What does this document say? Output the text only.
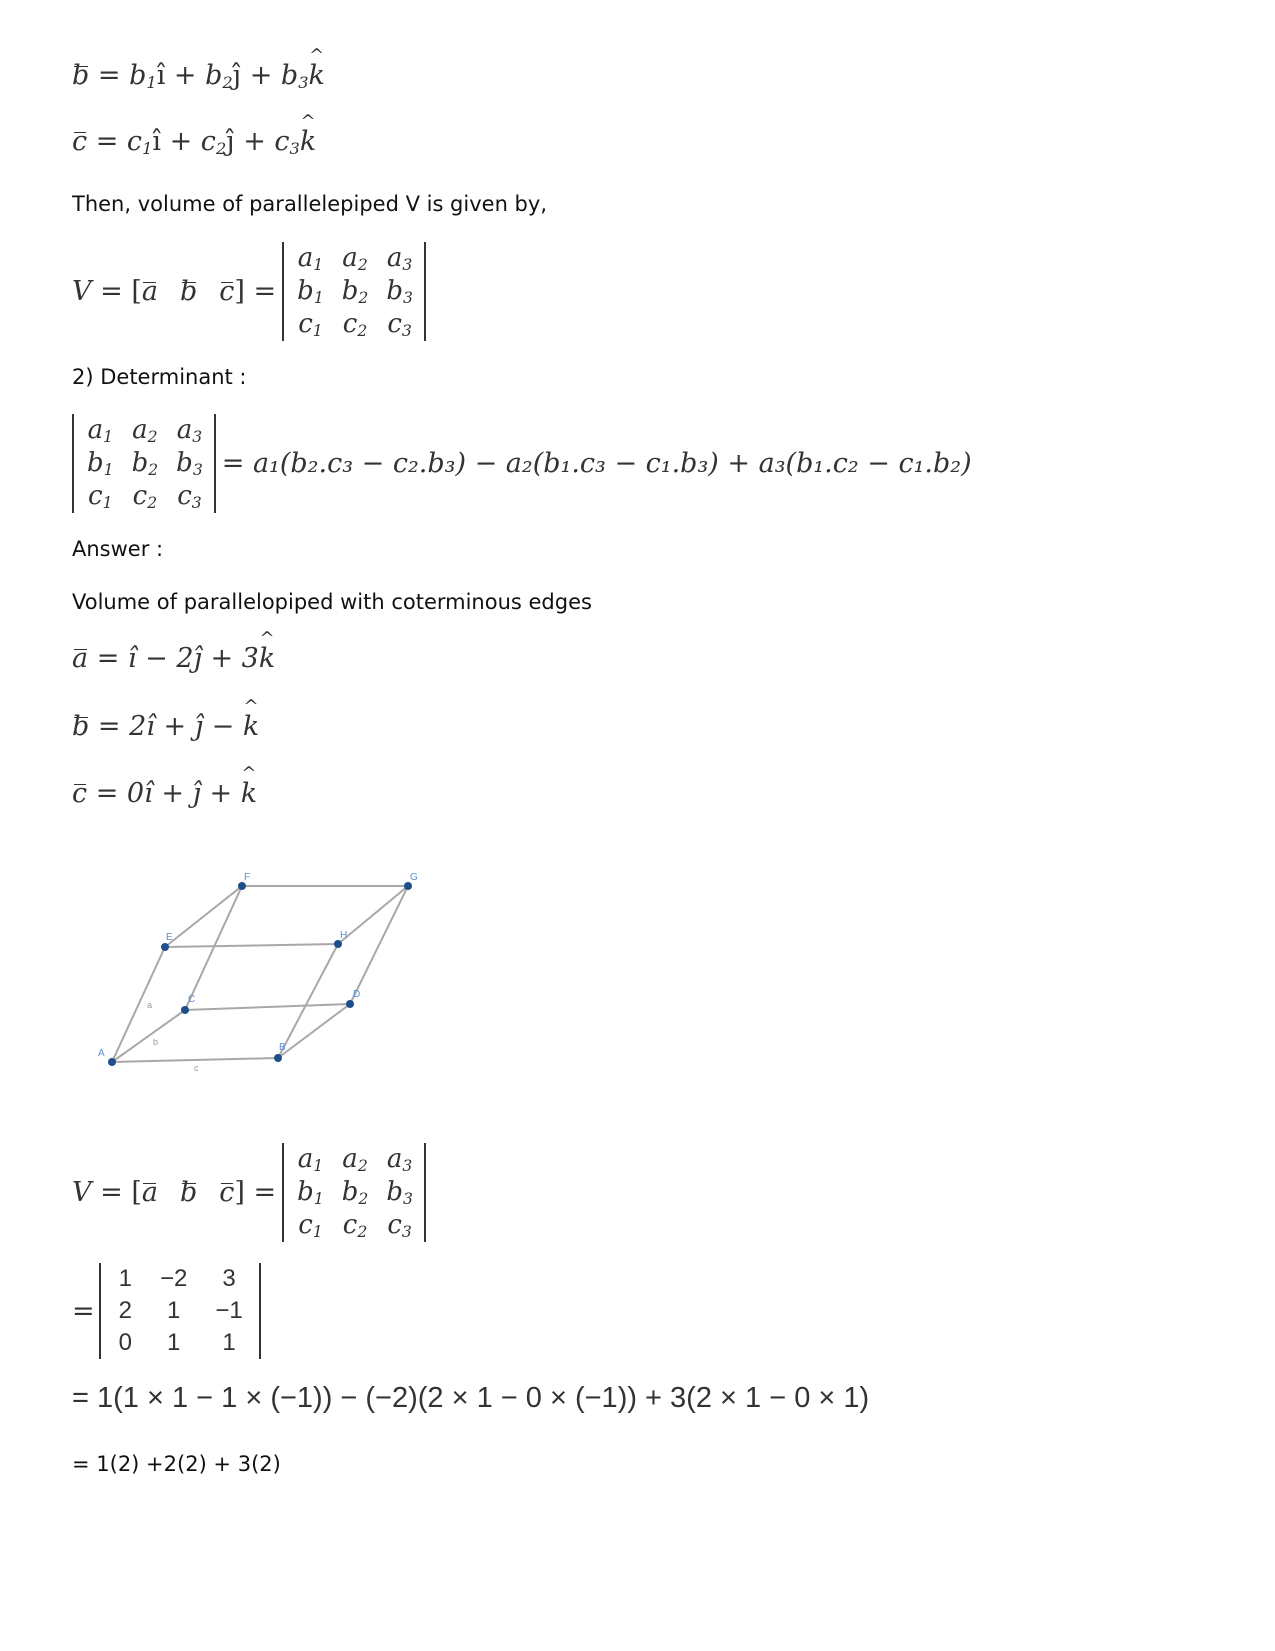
$b = b_1î$ + $b_2ĵ$ + $b_3\^{}$ k
$c = c_1î$ + $c_2ĵ$ + $c_3\^{}$ k
Then, volume of parallelepiped V is given by,
V = [a b c] =
$a_1$	$a_2$	$a_3$
$b_1$	$b_2$	$b_3$
$c_1$	$c_2$	$c_3$
2) Determinant :
$a_1$	$a_2$	$a_3$
$b_1$	$b_2$	$b_3$
$c_1$	$c_2$	$c_3$
= a₁(b₂.c₃ − c₂.b₃) − a₂(b₁.c₃ − c₁.b₃) + a₃(b₁.c₂ − c₁.b₂)
Answer :
Volume of parallelopiped with coterminous edges
a = î − 2ĵ + 3^ k
b = 2î + ĵ − ^ k
c = 0î + ĵ + ^ k
A
B
C	D
E
F	G
H
a
b
c
V = [a b c] =
$a_1$	$a_2$	$a_3$
$b_1$	$b_2$	$b_3$
$c_1$	$c_2$	$c_3$
=
1	−2	3
2	1	−1
0	1	1
= 1(1 × 1 − 1 × (−1)) − (−2)(2 × 1 − 0 × (−1)) + 3(2 × 1 − 0 × 1)
= 1(2) +2(2) + 3(2)
